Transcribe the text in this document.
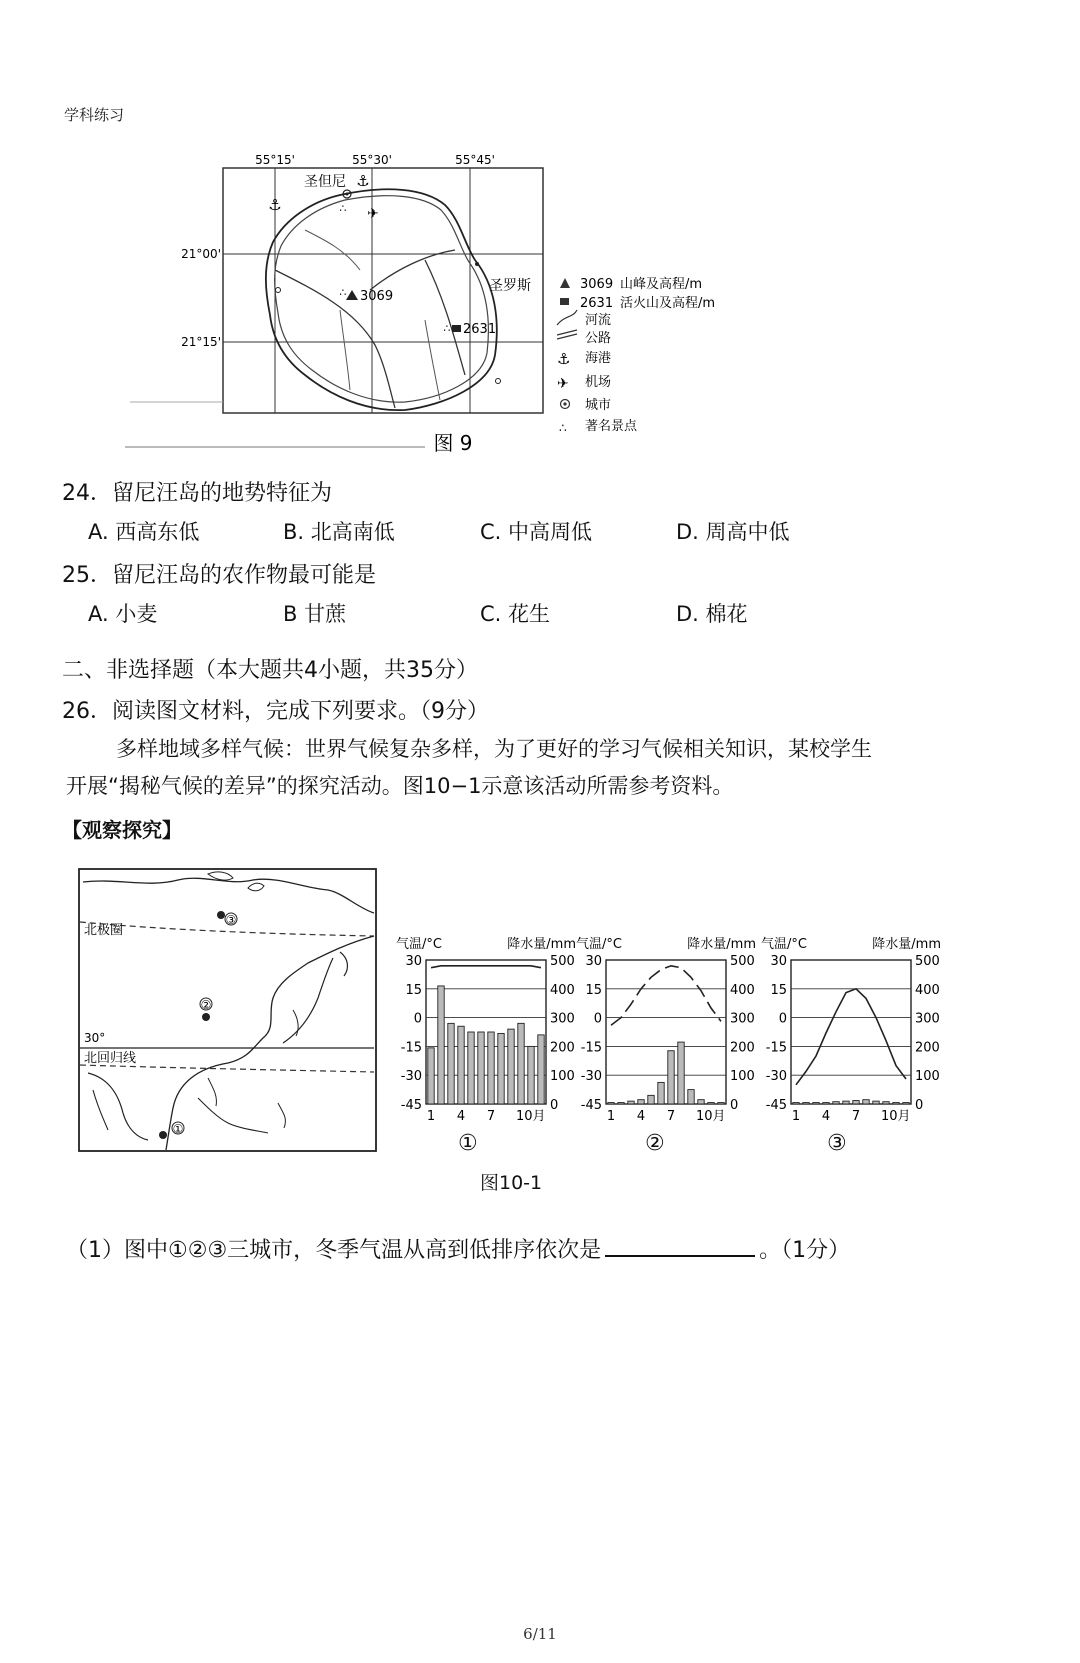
学科练习
55°15'	55°30'	55°45'
21°00'
21°15'
圣但尼 ⚓
⚓	✈
∴
3069
∴
2631
∴
圣罗斯	3069 山峰及高程/m
2631 活火山及高程/m
河流
公路
⚓ 海港
✈ 机场
城市
∴ 著名景点
图 9
24．留尼汪岛的地势特征为
A. 西高东低	B. 北高南低	C. 中高周低	D. 周高中低
25．留尼汪岛的农作物最可能是
A. 小麦	B 甘蔗	C. 花生	D. 棉花
二、非选择题（本大题共4小题，共35分）
26．阅读图文材料，完成下列要求。（9分）
多样地域多样气候：世界气候复杂多样，为了更好的学习气候相关知识，某校学生
开展“揭秘气候的差异”的探究活动。图10−1示意该活动所需参考资料。
【观察探究】
北极圈
30°
北回归线
③
②
①
气温/°C	降水量/mm
30	500
15	400
0	300
-15	200
-30	100
-45	0
1 4 7 10月
气温/°C	降水量/mm
30	500
15	400
0	300
-15	200
-30	100
-45	0
1 4 7 10月
气温/°C	降水量/mm
30	500
15	400
0	300
-15	200
-30	100
-45	0
1 4 7 10月
①	②	③
图10-1
（1）图中①②③三城市，冬季气温从高到低排序依次是	。（1分）
6/11
